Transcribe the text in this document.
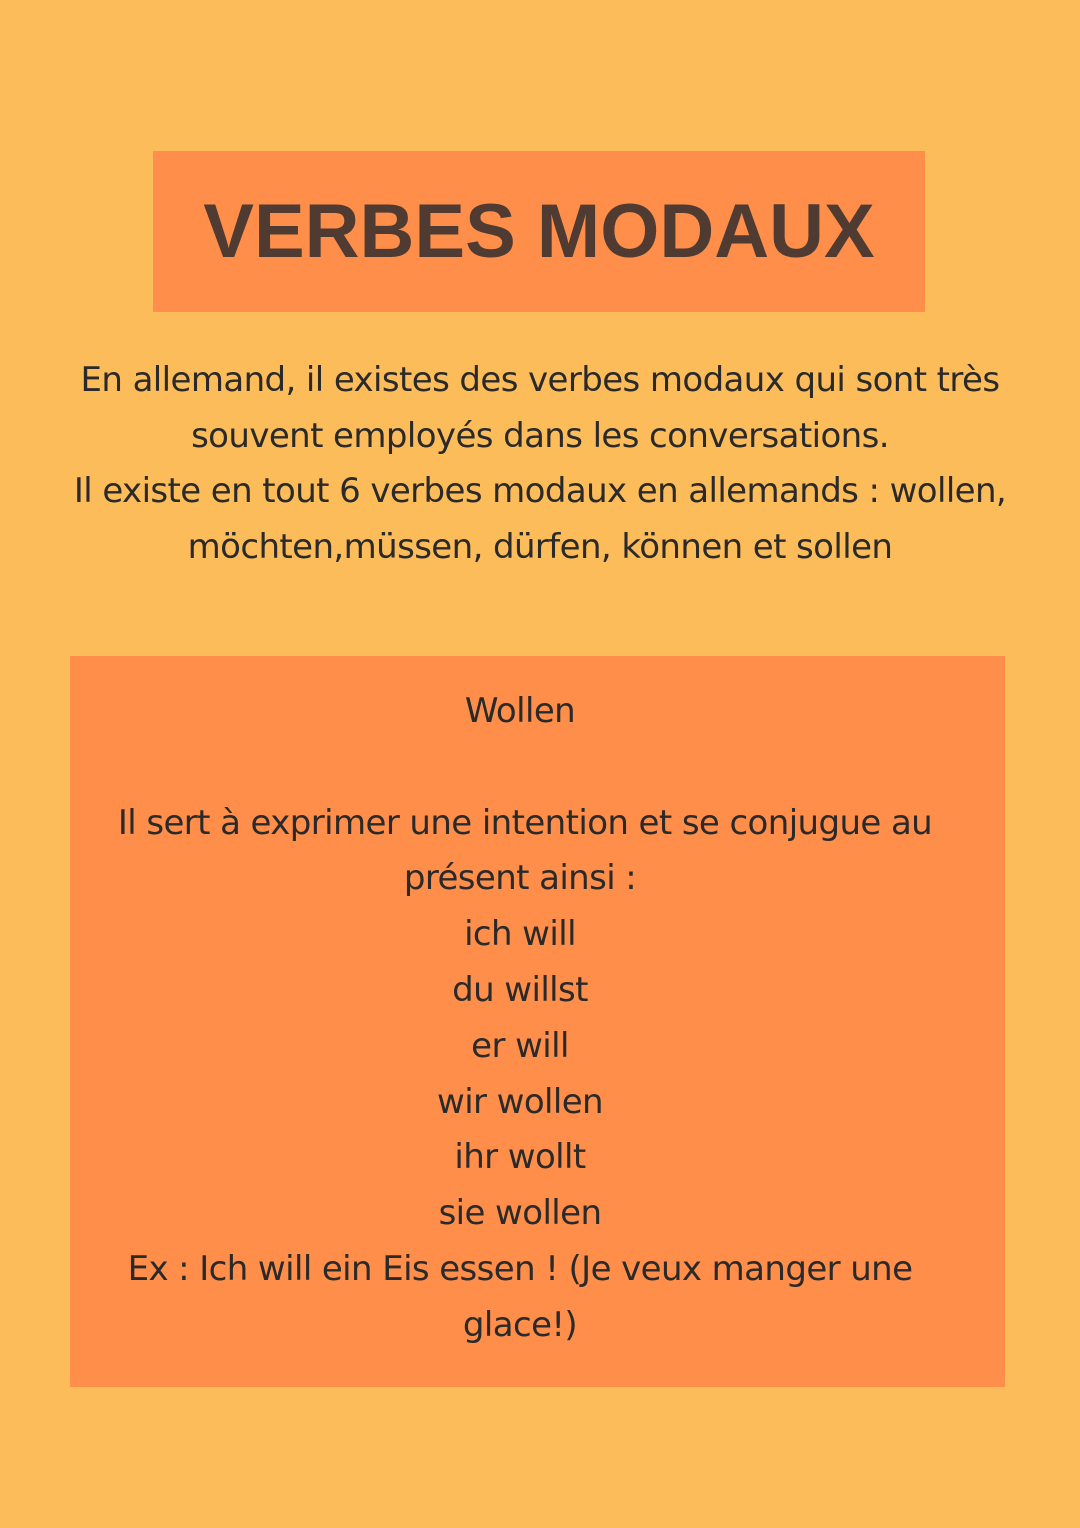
VERBES MODAUX
En allemand, il existes des verbes modaux qui sont très
souvent employés dans les conversations.
Il existe en tout 6 verbes modaux en allemands : wollen,
möchten,müssen, dürfen, können et sollen
Wollen
Il sert à exprimer une intention et se conjugue au
présent ainsi :
ich will
du willst
er will
wir wollen
ihr wollt
sie wollen
Ex : Ich will ein Eis essen ! (Je veux manger une
glace!)
